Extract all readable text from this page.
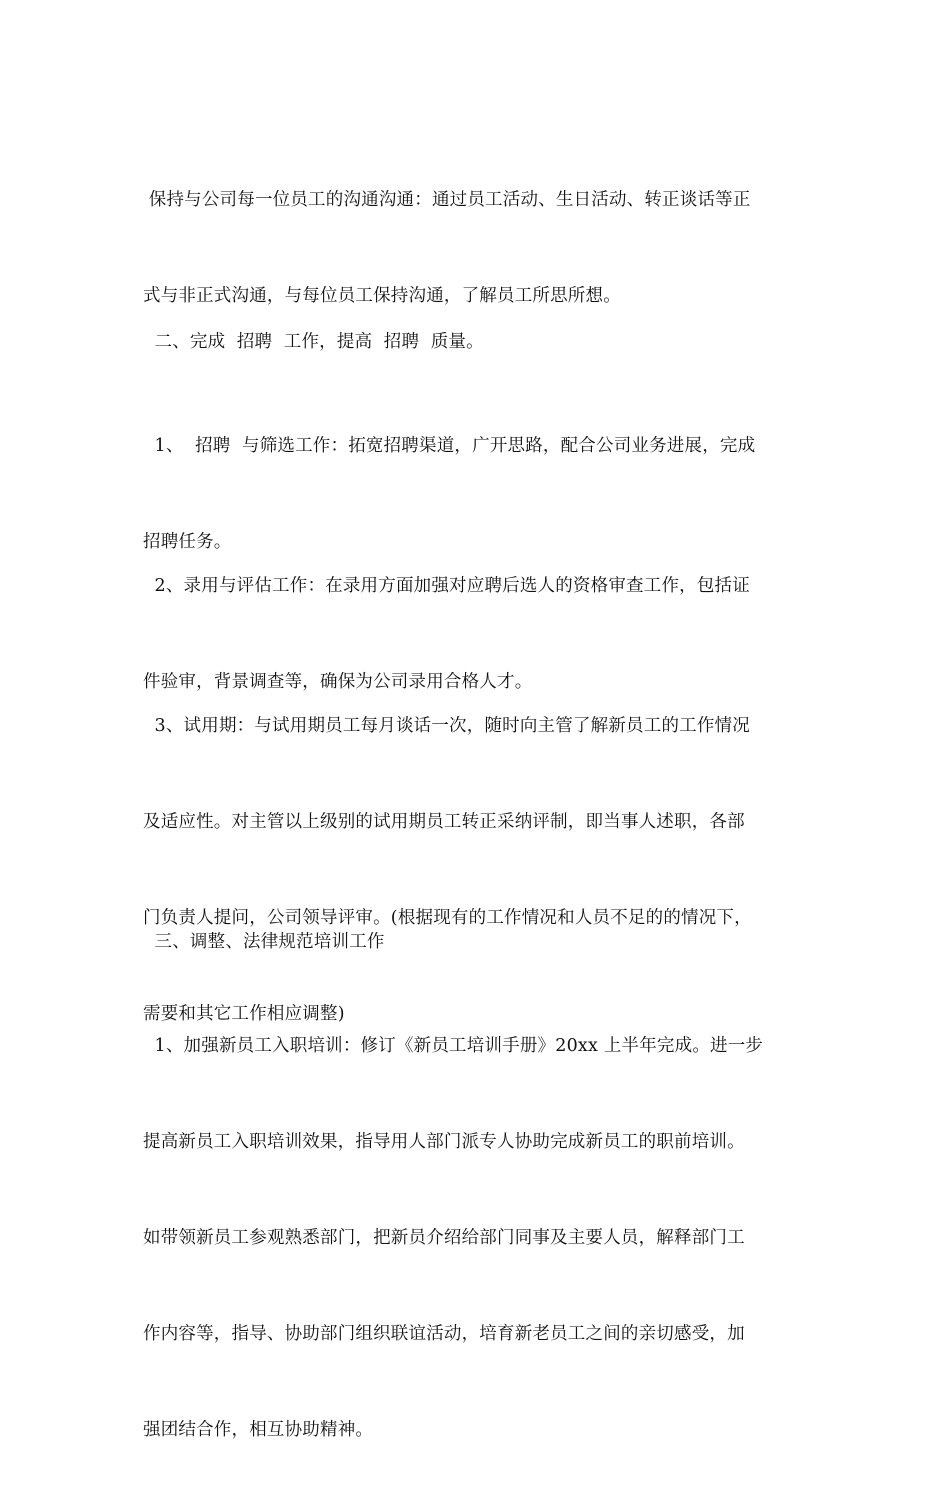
保持与公司每一位员工的沟通沟通：通过员工活动、生日活动、转正谈话等正

式与非正式沟通，与每位员工保持沟通，了解员工所思所想。

二、完成  招聘  工作，提高  招聘  质量。

1、  招聘  与筛选工作：拓宽招聘渠道，广开思路，配合公司业务进展，完成

招聘任务。

2、录用与评估工作：在录用方面加强对应聘后选人的资格审查工作，包括证

件验审，背景调查等，确保为公司录用合格人才。

3、试用期：与试用期员工每月谈话一次，随时向主管了解新员工的工作情况

及适应性。对主管以上级别的试用期员工转正采纳评制，即当事人述职，各部

门负责人提问，公司领导评审。(根据现有的工作情况和人员不足的的情况下，

需要和其它工作相应调整)

三、调整、法律规范培训工作

1、加强新员工入职培训：修订《新员工培训手册》20xx 上半年完成。进一步

提高新员工入职培训效果，指导用人部门派专人协助完成新员工的职前培训。

如带领新员工参观熟悉部门，把新员介绍给部门同事及主要人员，解释部门工

作内容等，指导、协助部门组织联谊活动，培育新老员工之间的亲切感受，加

强团结合作，相互协助精神。
